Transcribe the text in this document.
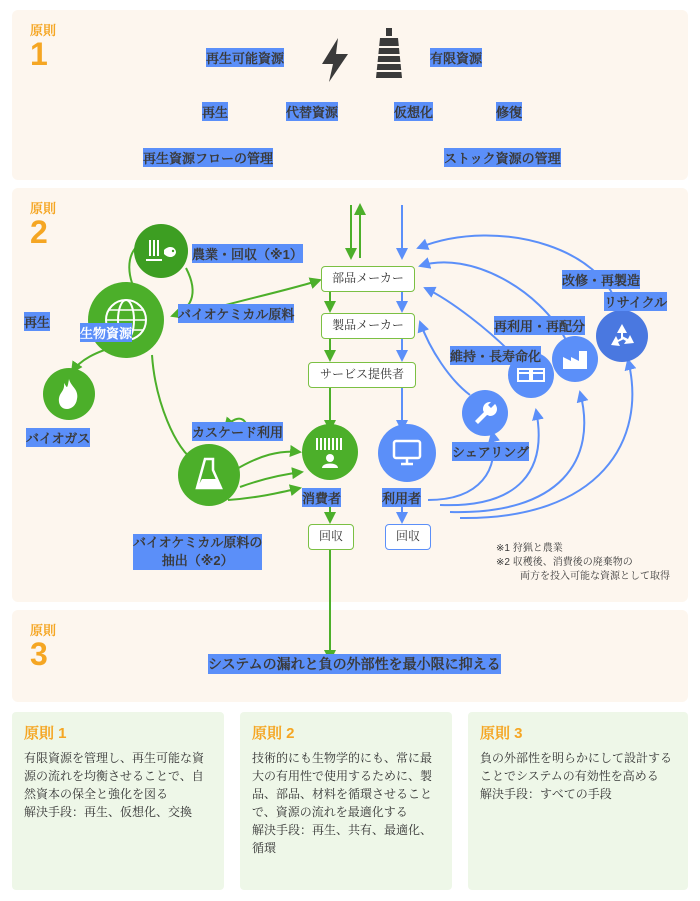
原則
1
原則
2
原則
3
再生可能資源	有限資源
再生	代替資源	仮想化	修復
再生資源フローの管理	ストック資源の管理
部品メーカー
製品メーカー
サービス提供者
回収	回収
農業・回収（※1）
バイオケミカル原料
生物資源
再生
バイオガス	カスケード利用
バイオケミカル原料の
抽出（※2）
消費者	利用者
シェアリング
維持・長寿命化
再利用・再配分
改修・再製造
リサイクル
※1 狩猟と農業
※2 収穫後、消費後の廃棄物の
両方を投入可能な資源として取得
システムの漏れと負の外部性を最小限に抑える
原則 1

有限資源を管理し、再生可能な資源の流れを均衡させることで、自然資本の保全と強化を図る
解決手段：再生、仮想化、交換

原則 2

技術的にも生物学的にも、常に最大の有用性で使用するために、製品、部品、材料を循環させることで、資源の流れを最適化する
解決手段：再生、共有、最適化、循環

原則 3

負の外部性を明らかにして設計することでシステムの有効性を高める
解決手段：すべての手段
